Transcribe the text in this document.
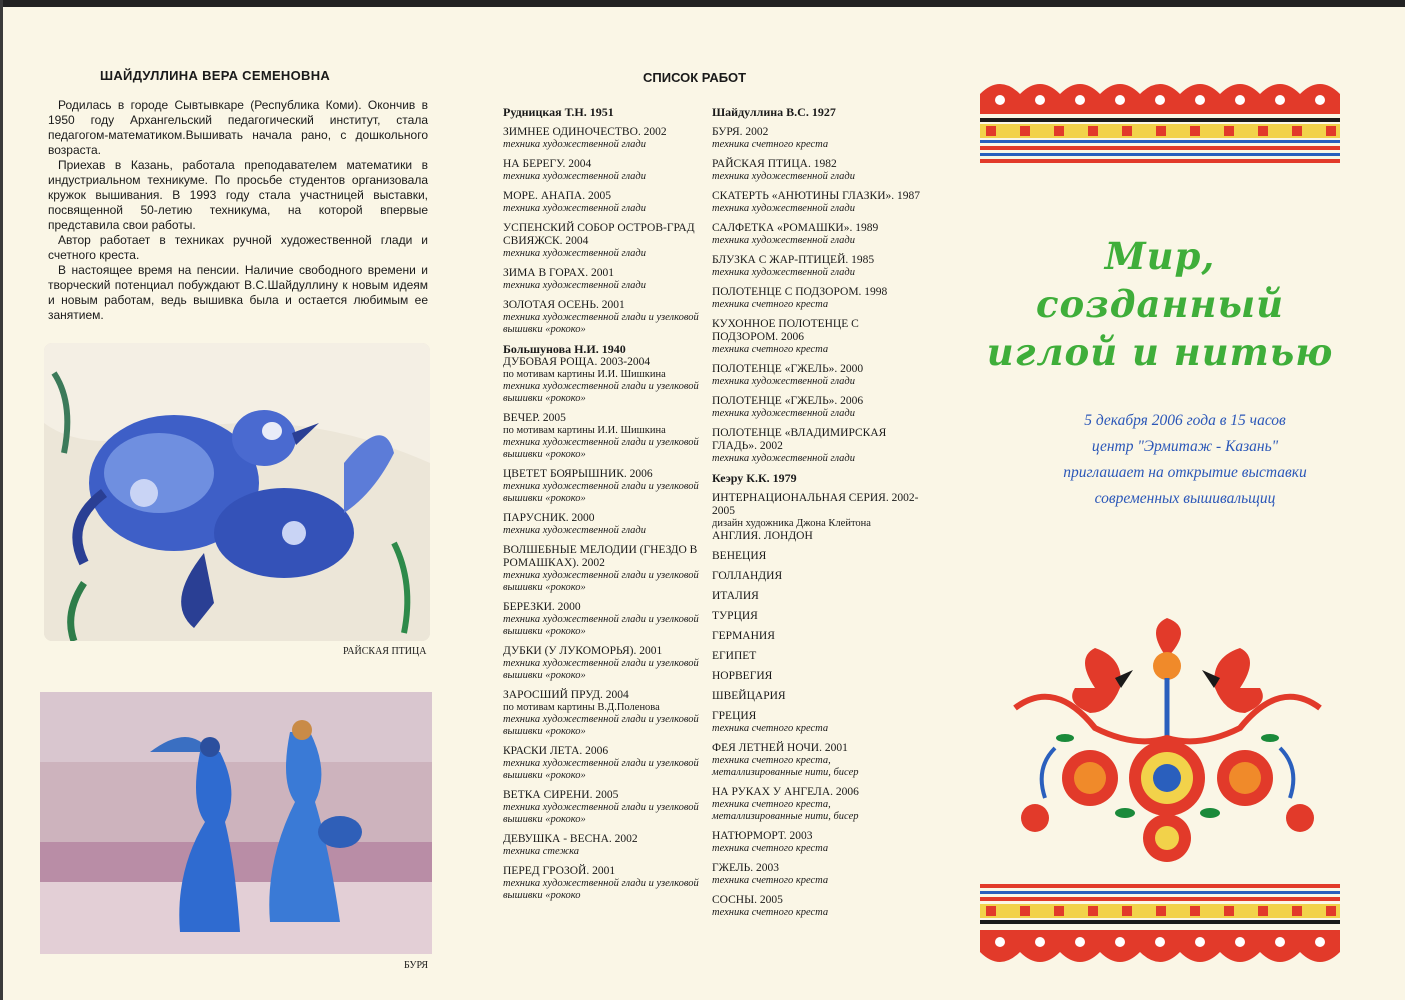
ШАЙДУЛЛИНА ВЕРА СЕМЕНОВНА

Родилась в городе Сывтывкаре (Республика Коми). Окончив в 1950 году Архангельский педагогический институт, стала педагогом-математиком.Вышивать начала рано, с дошкольного возраста.

Приехав в Казань, работала преподавателем математики в индустриальном техникуме. По просьбе студентов организовала кружок вышивания. В 1993 году стала участницей выставки, посвященной 50-летию техникума, на которой впервые представила свои работы.

Автор работает в техниках ручной художественной глади и счетного креста.

В настоящее время на пенсии. Наличие свободного времени и творческий потенциал побуждают В.С.Шайдуллину к новым идеям и новым работам, ведь вышивка была и остается любимым ее занятием.

РАЙСКАЯ ПТИЦА
БУРЯ
СПИСОК РАБОТ
Рудницкая Т.Н. 1951
ЗИМНЕЕ ОДИНОЧЕСТВО. 2002
техника художественной глади
НА БЕРЕГУ. 2004
техника художественной глади
МОРЕ. АНАПА. 2005
техника художественной глади
УСПЕНСКИЙ СОБОР ОСТРОВ-ГРАД СВИЯЖСК. 2004
техника художественной глади
ЗИМА В ГОРАХ. 2001
техника художественной глади
ЗОЛОТАЯ ОСЕНЬ. 2001
техника художественной глади и узелковой вышивки «рококо»
Большунова Н.И. 1940
ДУБОВАЯ РОЩА. 2003-2004
по мотивам картины И.И. Шишкина
техника художественной глади и узелковой вышивки «рококо»
ВЕЧЕР. 2005
по мотивам картины И.И. Шишкина
техника художественной глади и узелковой вышивки «рококо»
ЦВЕТЕТ БОЯРЫШНИК. 2006
техника художественной глади и узелковой вышивки «рококо»
ПАРУСНИК. 2000
техника художественной глади
ВОЛШЕБНЫЕ МЕЛОДИИ (ГНЕЗДО В РОМАШКАХ). 2002
техника художественной глади и узелковой вышивки «рококо»
БЕРЕЗКИ. 2000
техника художественной глади и узелковой вышивки «рококо»
ДУБКИ (У ЛУКОМОРЬЯ). 2001
техника художественной глади и узелковой вышивки «рококо»
ЗАРОСШИЙ ПРУД. 2004
по мотивам картины В.Д.Поленова
техника художественной глади и узелковой вышивки «рококо»
КРАСКИ ЛЕТА. 2006
техника художественной глади и узелковой вышивки «рококо»
ВЕТКА СИРЕНИ. 2005
техника художественной глади и узелковой вышивки «рококо»
ДЕВУШКА - ВЕСНА. 2002
техника стежка
ПЕРЕД ГРОЗОЙ. 2001
техника художественной глади и узелковой вышивки «рококо
Шайдуллина В.С. 1927
БУРЯ. 2002
техника счетного креста
РАЙСКАЯ ПТИЦА. 1982
техника художественной глади
СКАТЕРТЬ «АНЮТИНЫ ГЛАЗКИ». 1987
техника художественной глади
САЛФЕТКА «РОМАШКИ». 1989
техника художественной глади
БЛУЗКА С ЖАР-ПТИЦЕЙ. 1985
техника художественной глади
ПОЛОТЕНЦЕ С ПОДЗОРОМ. 1998
техника счетного креста
КУХОННОЕ ПОЛОТЕНЦЕ С ПОДЗОРОМ. 2006
техника счетного креста
ПОЛОТЕНЦЕ «ГЖЕЛЬ». 2000
техника художественной глади
ПОЛОТЕНЦЕ «ГЖЕЛЬ». 2006
техника художественной глади
ПОЛОТЕНЦЕ «ВЛАДИМИРСКАЯ ГЛАДЬ». 2002
техника художественной глади
Кеэру К.К. 1979
ИНТЕРНАЦИОНАЛЬНАЯ СЕРИЯ. 2002-2005
дизайн художника Джона Клейтона
АНГЛИЯ. ЛОНДОН
ВЕНЕЦИЯ
ГОЛЛАНДИЯ
ИТАЛИЯ
ТУРЦИЯ
ГЕРМАНИЯ
ЕГИПЕТ
НОРВЕГИЯ
ШВЕЙЦАРИЯ
ГРЕЦИЯ
техника счетного креста
ФЕЯ ЛЕТНЕЙ НОЧИ. 2001
техника счетного креста, металлизированные нити, бисер
НА РУКАХ У АНГЕЛА. 2006
техника счетного креста, металлизированные нити, бисер
НАТЮРМОРТ. 2003
техника счетного креста
ГЖЕЛЬ. 2003
техника счетного креста
СОСНЫ. 2005
техника счетного креста
Мир, созданный
иглой и нитью
5 декабря 2006 года в 15 часов
центр "Эрмитаж - Казань"
приглашает на открытие выставки
современных вышивальщиц
